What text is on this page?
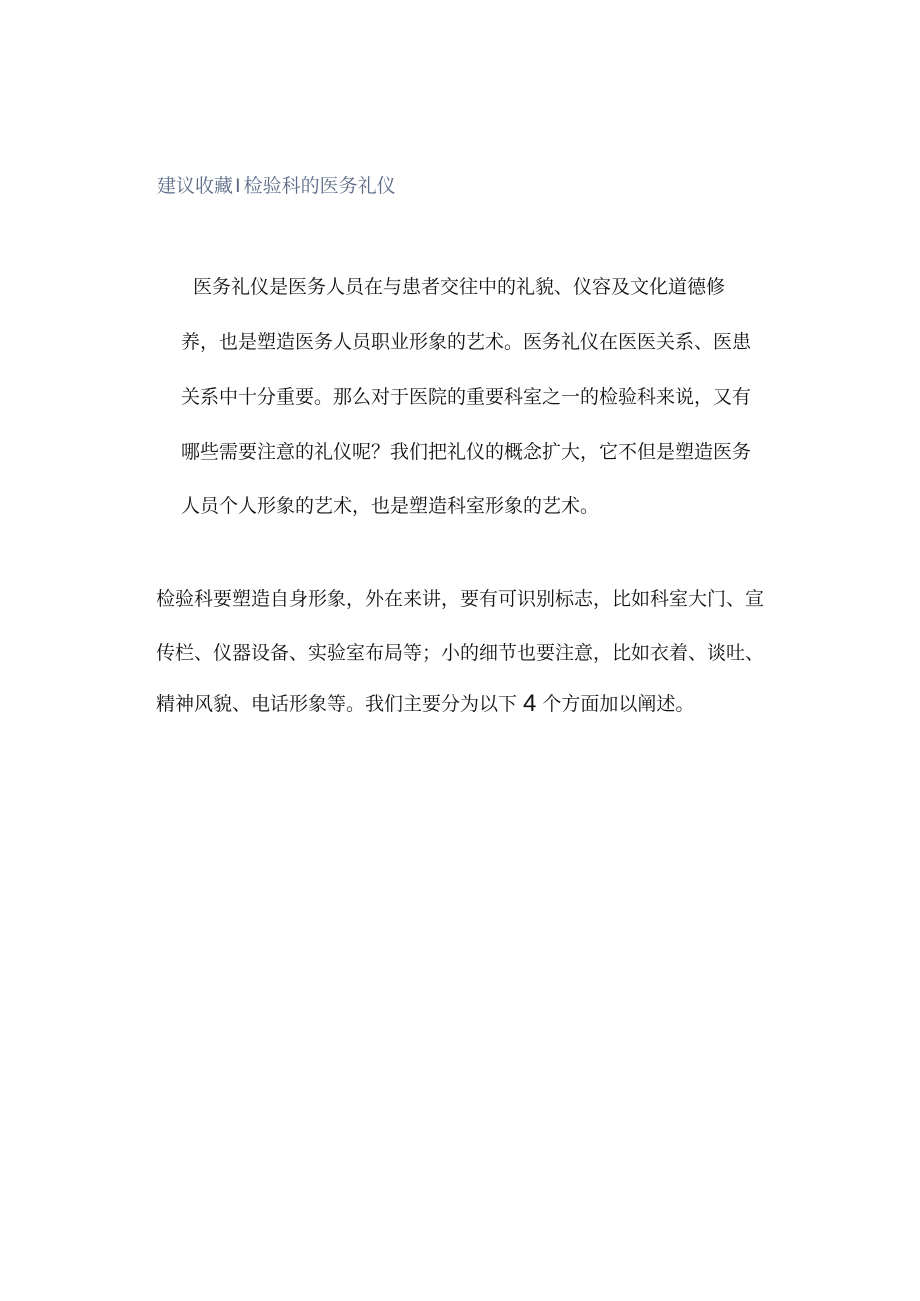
建议收藏 I 检验科的医务礼仪
医务礼仪是医务人员在与患者交往中的礼貌、仪容及文化道德修
养，也是塑造医务人员职业形象的艺术。医务礼仪在医医关系、医患
关系中十分重要。那么对于医院的重要科室之一的检验科来说，又有
哪些需要注意的礼仪呢？我们把礼仪的概念扩大，它不但是塑造医务
人员个人形象的艺术，也是塑造科室形象的艺术。
检验科要塑造自身形象，外在来讲，要有可识别标志，比如科室大门、宣
传栏、仪器设备、实验室布局等；小的细节也要注意，比如衣着、谈吐、
精神风貌、电话形象等。我们主要分为以下 4 个方面加以阐述。
